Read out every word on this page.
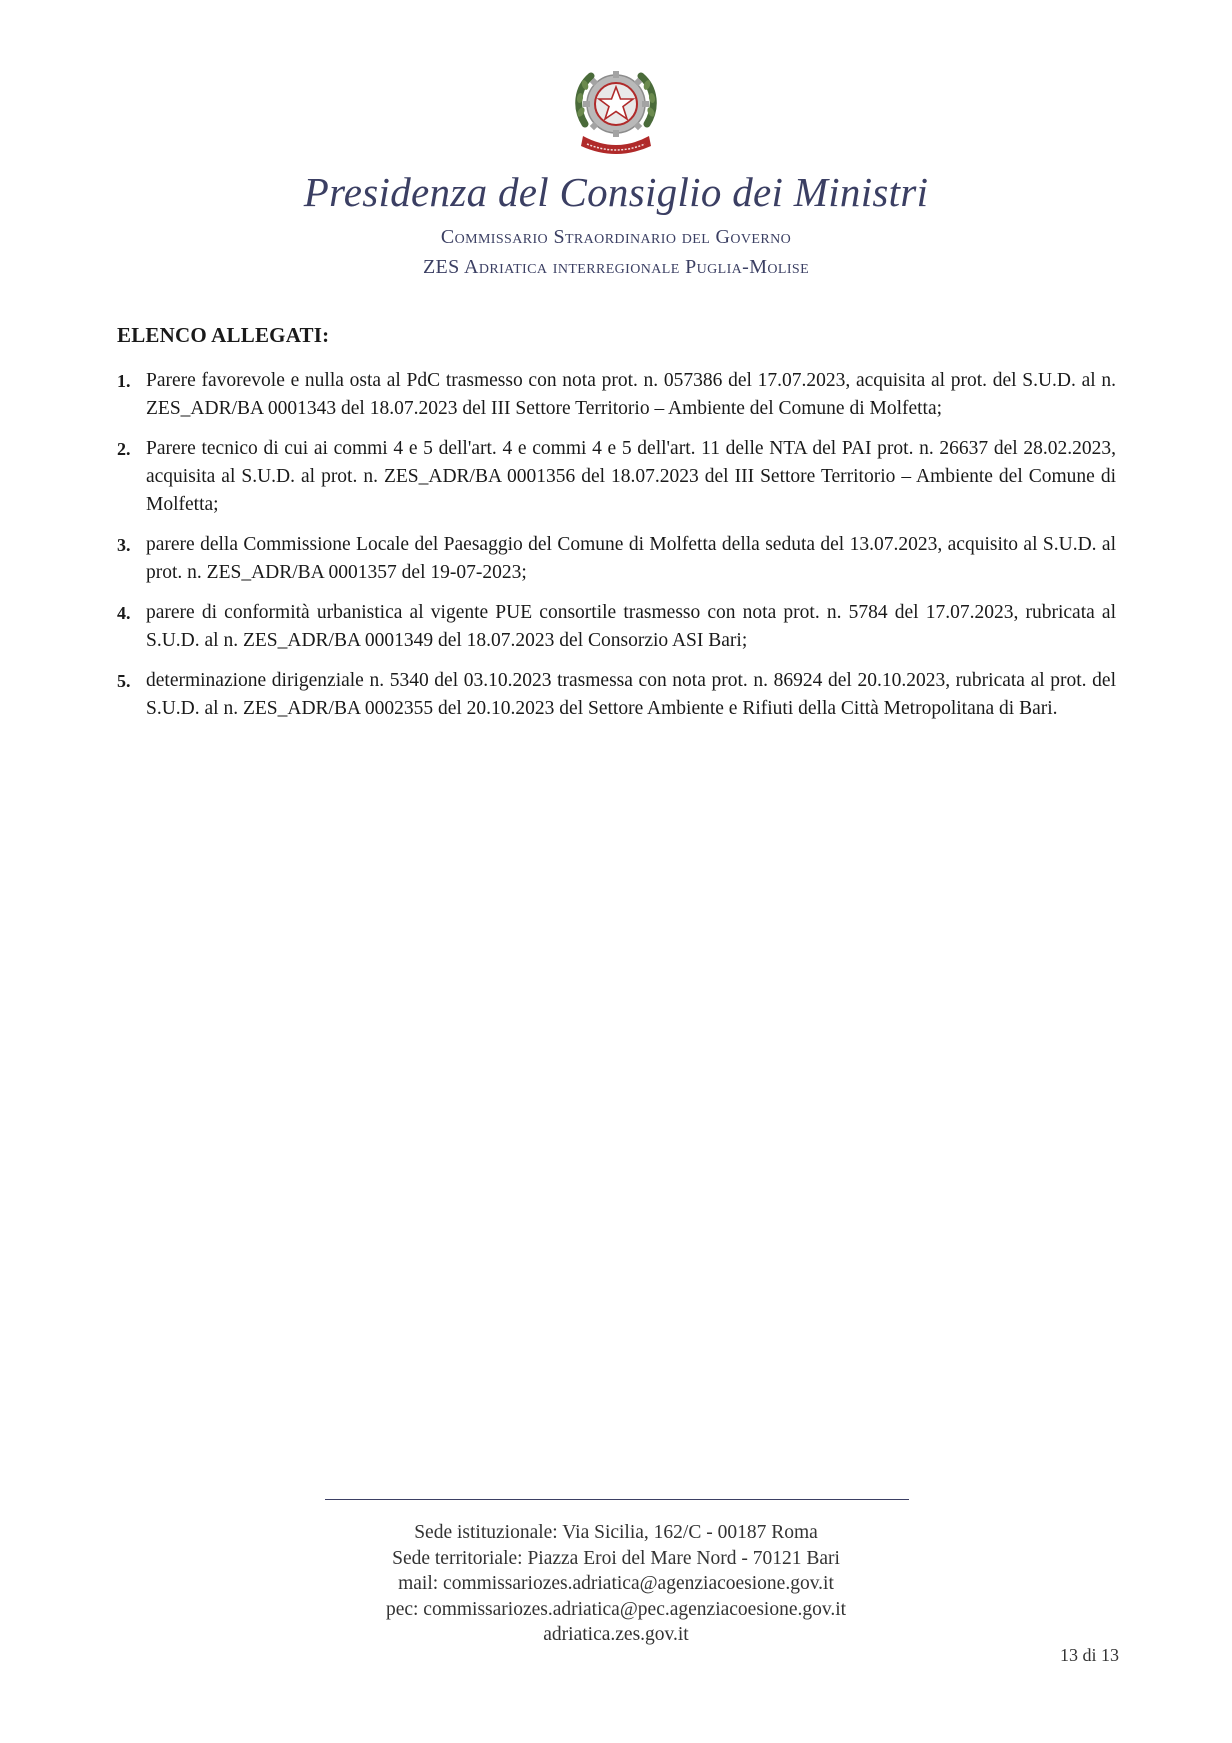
Presidenza del Consiglio dei Ministri
Commissario Straordinario del Governo
ZES Adriatica interregionale Puglia-Molise
ELENCO ALLEGATI:
1. Parere favorevole e nulla osta al PdC trasmesso con nota prot. n. 057386 del 17.07.2023, acquisita al prot. del S.U.D. al n. ZES_ADR/BA 0001343 del 18.07.2023 del III Settore Territorio – Ambiente del Comune di Molfetta;
2. Parere tecnico di cui ai commi 4 e 5 dell'art. 4 e commi 4 e 5 dell'art. 11 delle NTA del PAI prot. n. 26637 del 28.02.2023, acquisita al S.U.D. al prot. n. ZES_ADR/BA 0001356 del 18.07.2023 del III Settore Territorio – Ambiente del Comune di Molfetta;
3. parere della Commissione Locale del Paesaggio del Comune di Molfetta della seduta del 13.07.2023, acquisito al S.U.D. al prot. n. ZES_ADR/BA 0001357 del 19-07-2023;
4. parere di conformità urbanistica al vigente PUE consortile trasmesso con nota prot. n. 5784 del 17.07.2023, rubricata al S.U.D. al n. ZES_ADR/BA 0001349 del 18.07.2023 del Consorzio ASI Bari;
5. determinazione dirigenziale n. 5340 del 03.10.2023 trasmessa con nota prot. n. 86924 del 20.10.2023, rubricata al prot. del S.U.D. al n. ZES_ADR/BA 0002355 del 20.10.2023 del Settore Ambiente e Rifiuti della Città Metropolitana di Bari.
Sede istituzionale: Via Sicilia, 162/C - 00187 Roma
Sede territoriale: Piazza Eroi del Mare Nord - 70121 Bari
mail: commissariozes.adriatica@agenziacoesione.gov.it
pec: commissariozes.adriatica@pec.agenziacoesione.gov.it
adriatica.zes.gov.it
13 di 13
